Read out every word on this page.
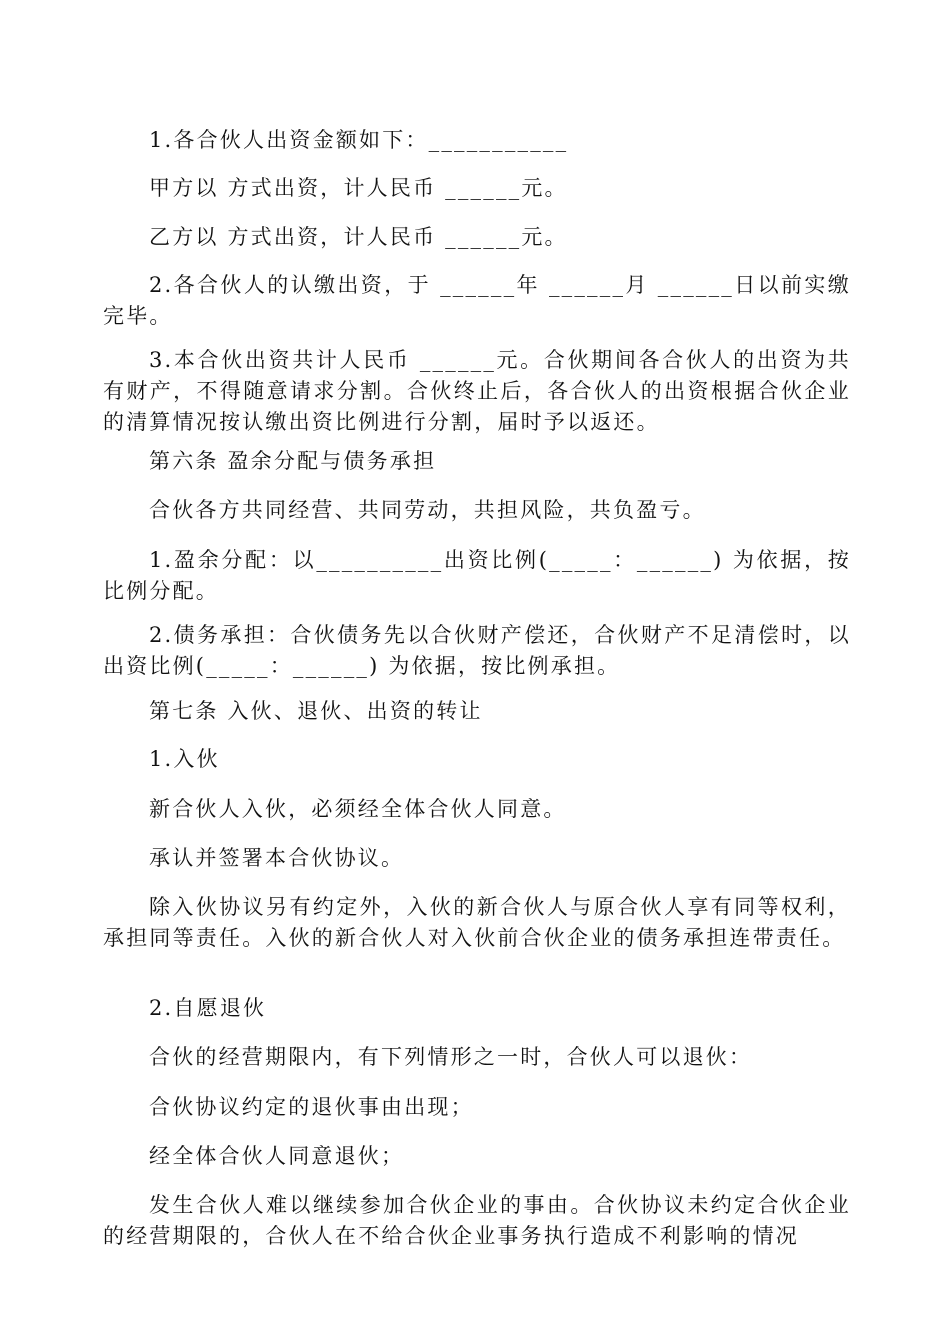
1.各合伙人出资金额如下：___________

甲方以 方式出资，计人民币 ______元。

乙方以 方式出资，计人民币 ______元。

2.各合伙人的认缴出资，于 ______年 ______月 ______日以前实缴完毕。

3.本合伙出资共计人民币 ______元。合伙期间各合伙人的出资为共有财产，不得随意请求分割。合伙终止后，各合伙人的出资根据合伙企业的清算情况按认缴出资比例进行分割，届时予以返还。

第六条 盈余分配与债务承担

合伙各方共同经营、共同劳动，共担风险，共负盈亏。

1.盈余分配：以__________出资比例(_____：______) 为依据，按比例分配。

2.债务承担：合伙债务先以合伙财产偿还，合伙财产不足清偿时，以 出资比例(_____：______) 为依据，按比例承担。

第七条 入伙、退伙、出资的转让

1.入伙

新合伙人入伙，必须经全体合伙人同意。

承认并签署本合伙协议。

除入伙协议另有约定外，入伙的新合伙人与原合伙人享有同等权利，承担同等责任。入伙的新合伙人对入伙前合伙企业的债务承担连带责任。

2.自愿退伙

合伙的经营期限内，有下列情形之一时，合伙人可以退伙：

合伙协议约定的退伙事由出现；

经全体合伙人同意退伙；

发生合伙人难以继续参加合伙企业的事由。合伙协议未约定合伙企业的经营期限的，合伙人在不给合伙企业事务执行造成不利影响的情况
